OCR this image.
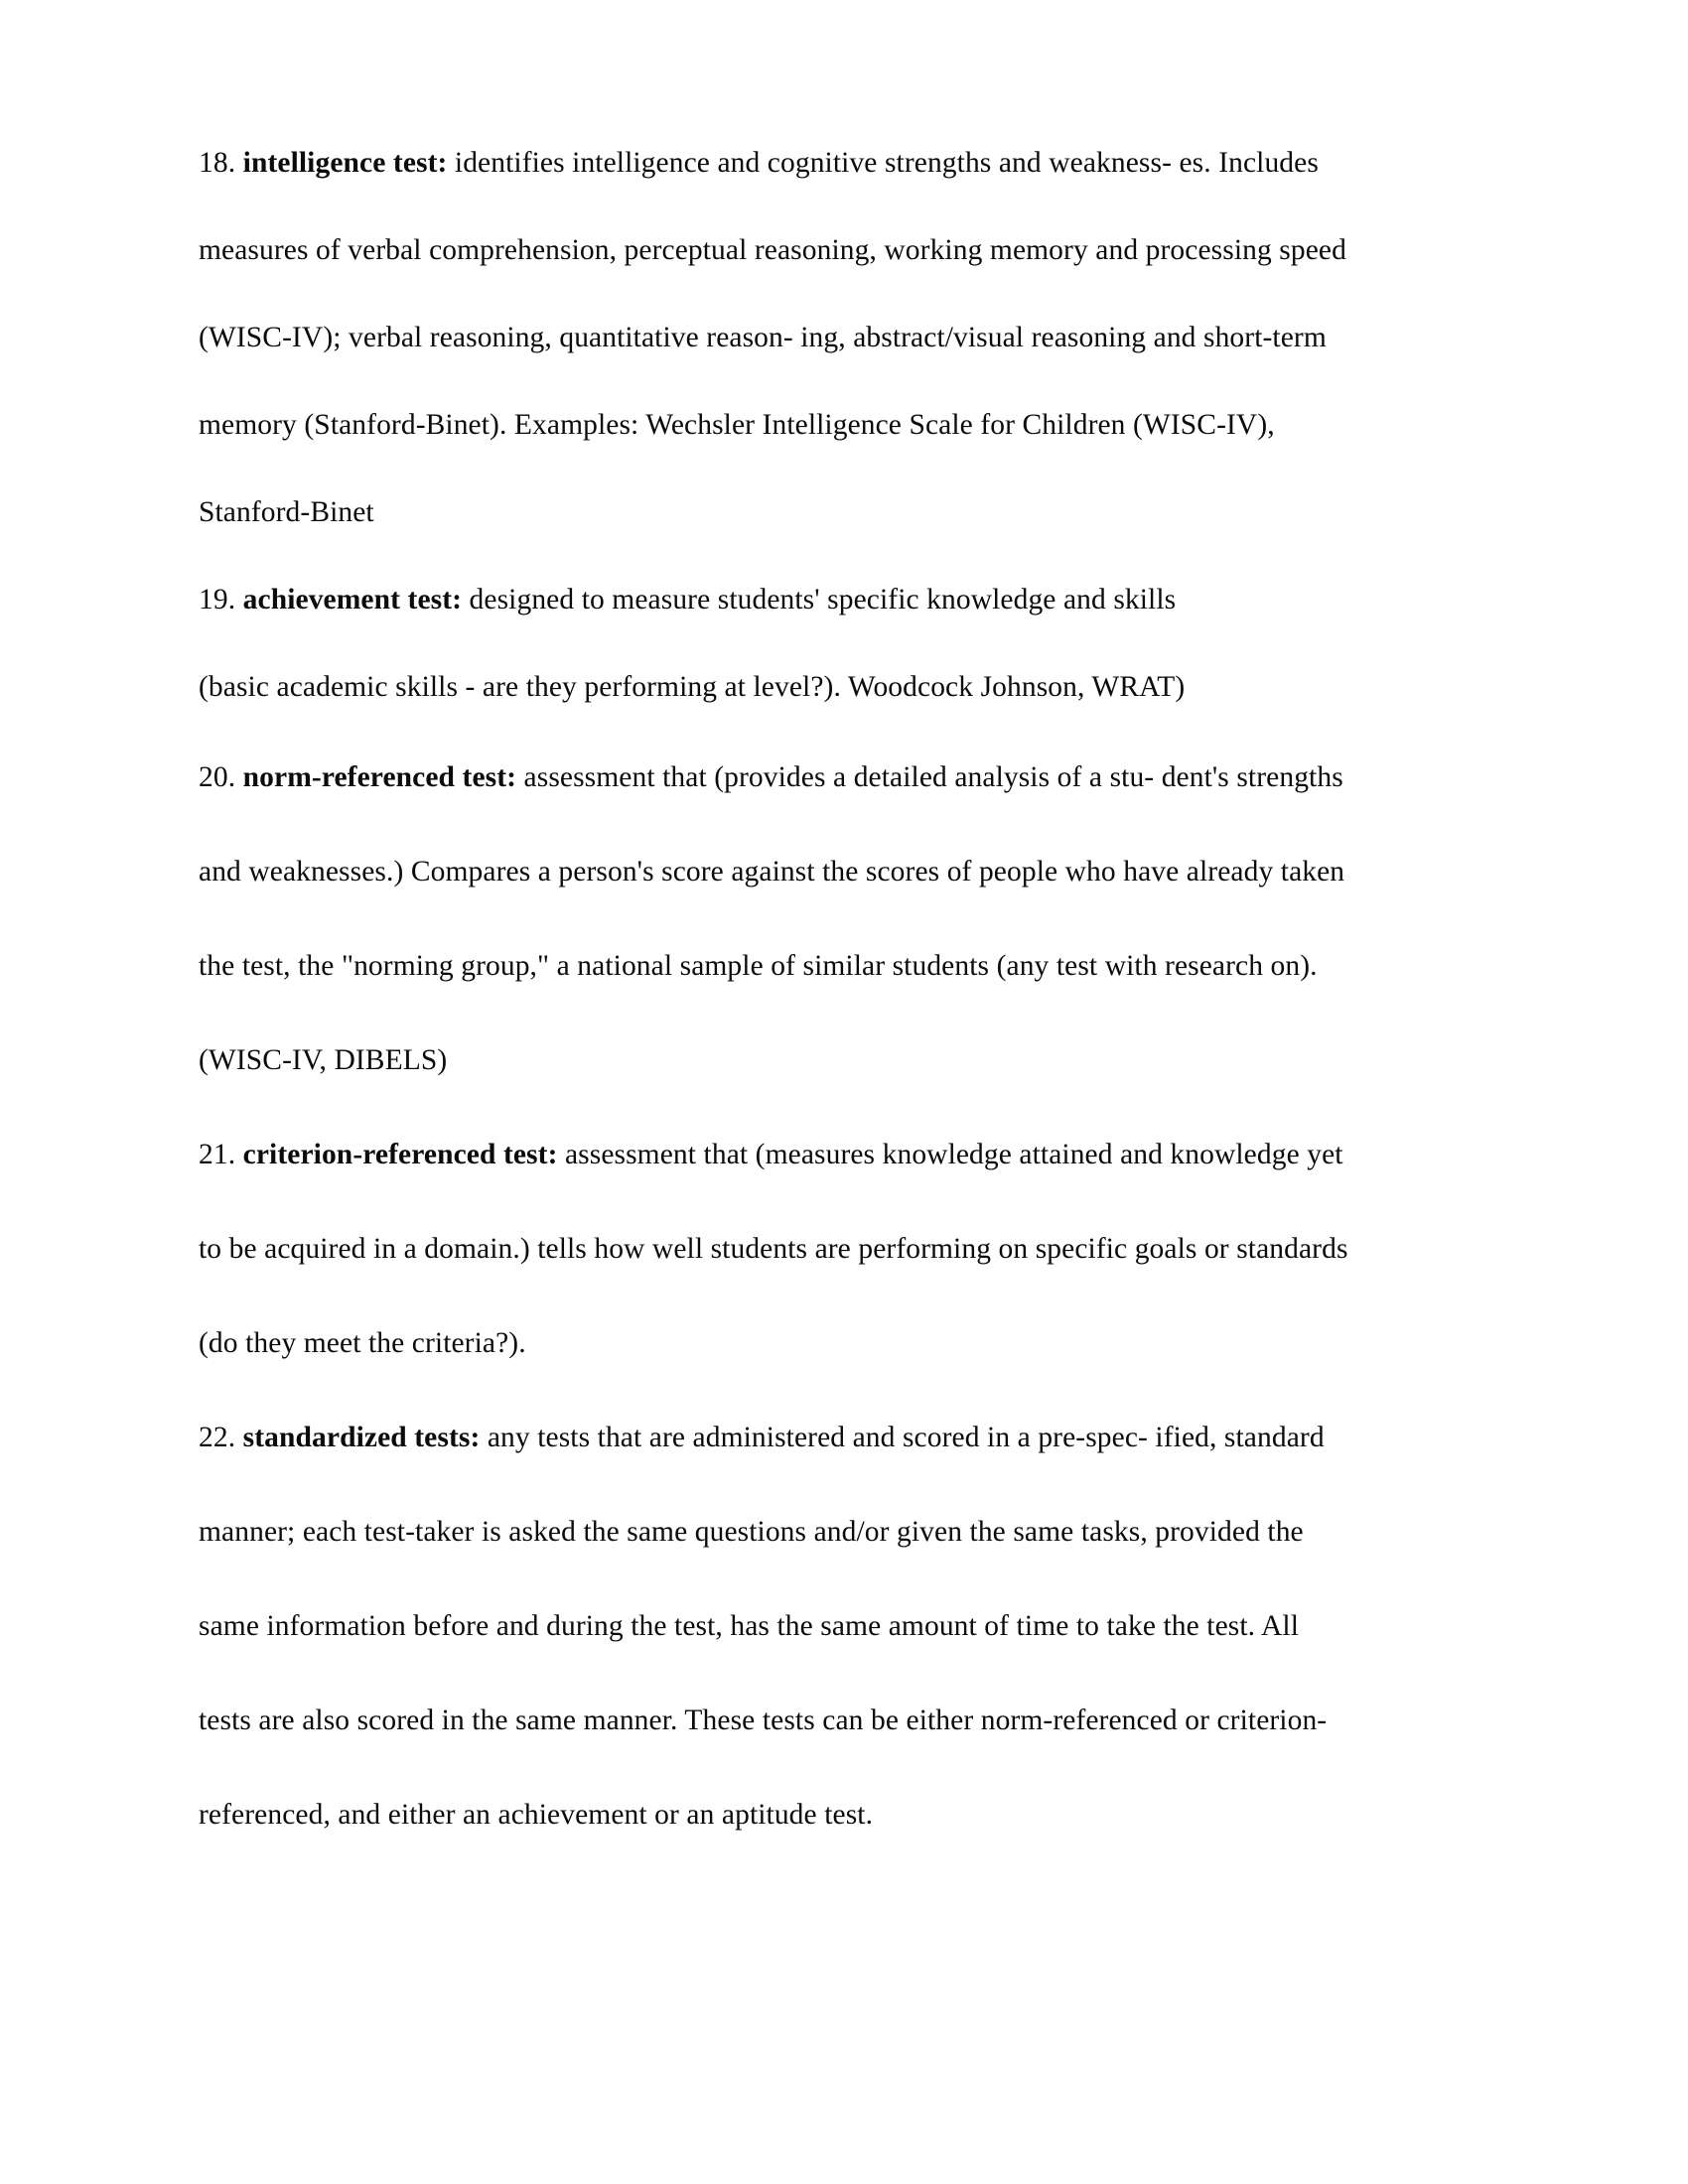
18. intelligence test: identifies intelligence and cognitive strengths and weakness- es. Includes
measures of verbal comprehension, perceptual reasoning, working memory and processing speed
(WISC-IV); verbal reasoning, quantitative reason- ing, abstract/visual reasoning and short-term
memory (Stanford-Binet). Examples: Wechsler Intelligence Scale for Children (WISC-IV),
Stanford-Binet
19. achievement test: designed to measure students' specific knowledge and skills
(basic academic skills - are they performing at level?). Woodcock Johnson, WRAT)
20. norm-referenced test: assessment that (provides a detailed analysis of a stu- dent's strengths
and weaknesses.) Compares a person's score against the scores of people who have already taken
the test, the "norming group," a national sample of similar students (any test with research on).
(WISC-IV, DIBELS)
21. criterion-referenced test: assessment that (measures knowledge attained and knowledge yet
to be acquired in a domain.) tells how well students are performing on specific goals or standards
(do they meet the criteria?).
22. standardized tests: any tests that are administered and scored in a pre-spec- ified, standard
manner; each test-taker is asked the same questions and/or given the same tasks, provided the
same information before and during the test, has the same amount of time to take the test. All
tests are also scored in the same manner. These tests can be either norm-referenced or criterion-
referenced, and either an achievement or an aptitude test.
